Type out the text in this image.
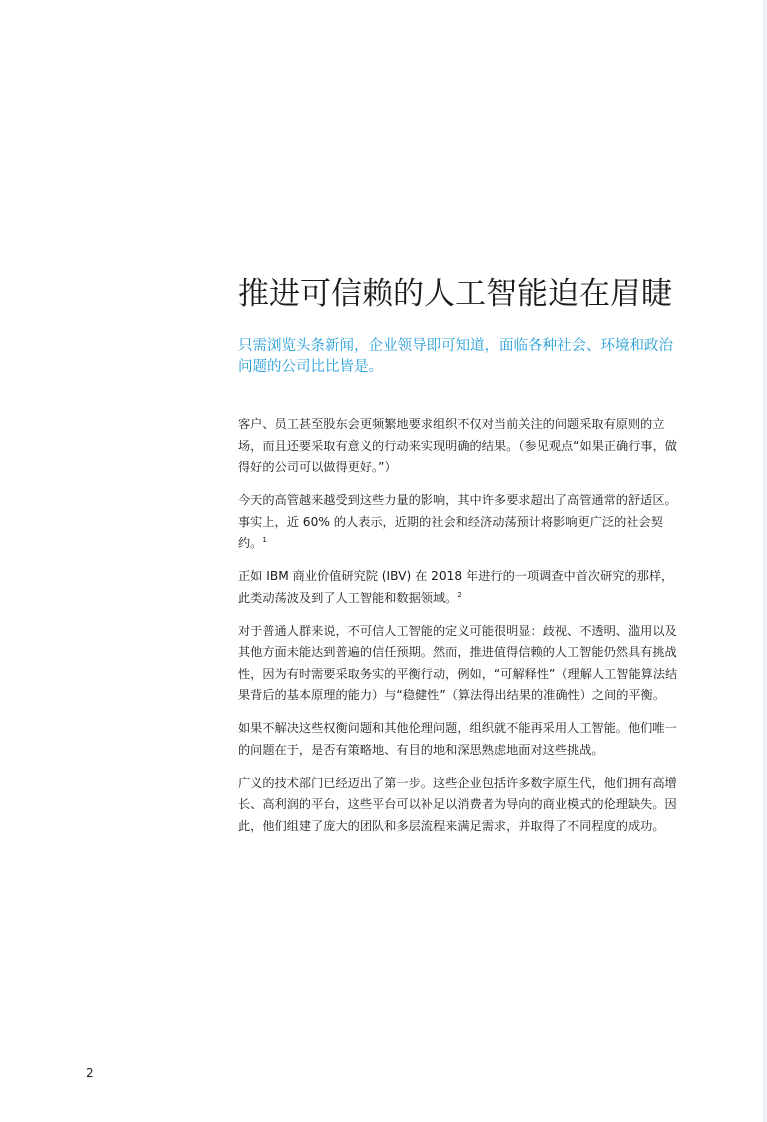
推进可信赖的人工智能迫在眉睫

只需浏览头条新闻，企业领导即可知道，面临各种社会、环境和政治问题的公司比比皆是。

客户、员工甚至股东会更频繁地要求组织不仅对当前关注的问题采取有原则的立场，而且还要采取有意义的行动来实现明确的结果。（参见观点“如果正确行事，做得好的公司可以做得更好。”）

今天的高管越来越受到这些力量的影响，其中许多要求超出了高管通常的舒适区。事实上，近 60% 的人表示，近期的社会和经济动荡预计将影响更广泛的社会契约。$^1$

正如 IBM 商业价值研究院 (IBV) 在 2018 年进行的一项调查中首次研究的那样，此类动荡波及到了人工智能和数据领域。$^2$

对于普通人群来说，不可信人工智能的定义可能很明显：歧视、不透明、滥用以及其他方面未能达到普遍的信任预期。然而，推进值得信赖的人工智能仍然具有挑战性，因为有时需要采取务实的平衡行动，例如，“可解释性”（理解人工智能算法结果背后的基本原理的能力）与“稳健性”（算法得出结果的准确性）之间的平衡。

如果不解决这些权衡问题和其他伦理问题，组织就不能再采用人工智能。他们唯一的问题在于，是否有策略地、有目的地和深思熟虑地面对这些挑战。

广义的技术部门已经迈出了第一步。这些企业包括许多数字原生代，他们拥有高增长、高利润的平台，这些平台可以补足以消费者为导向的商业模式的伦理缺失。因此，他们组建了庞大的团队和多层流程来满足需求，并取得了不同程度的成功。

2
